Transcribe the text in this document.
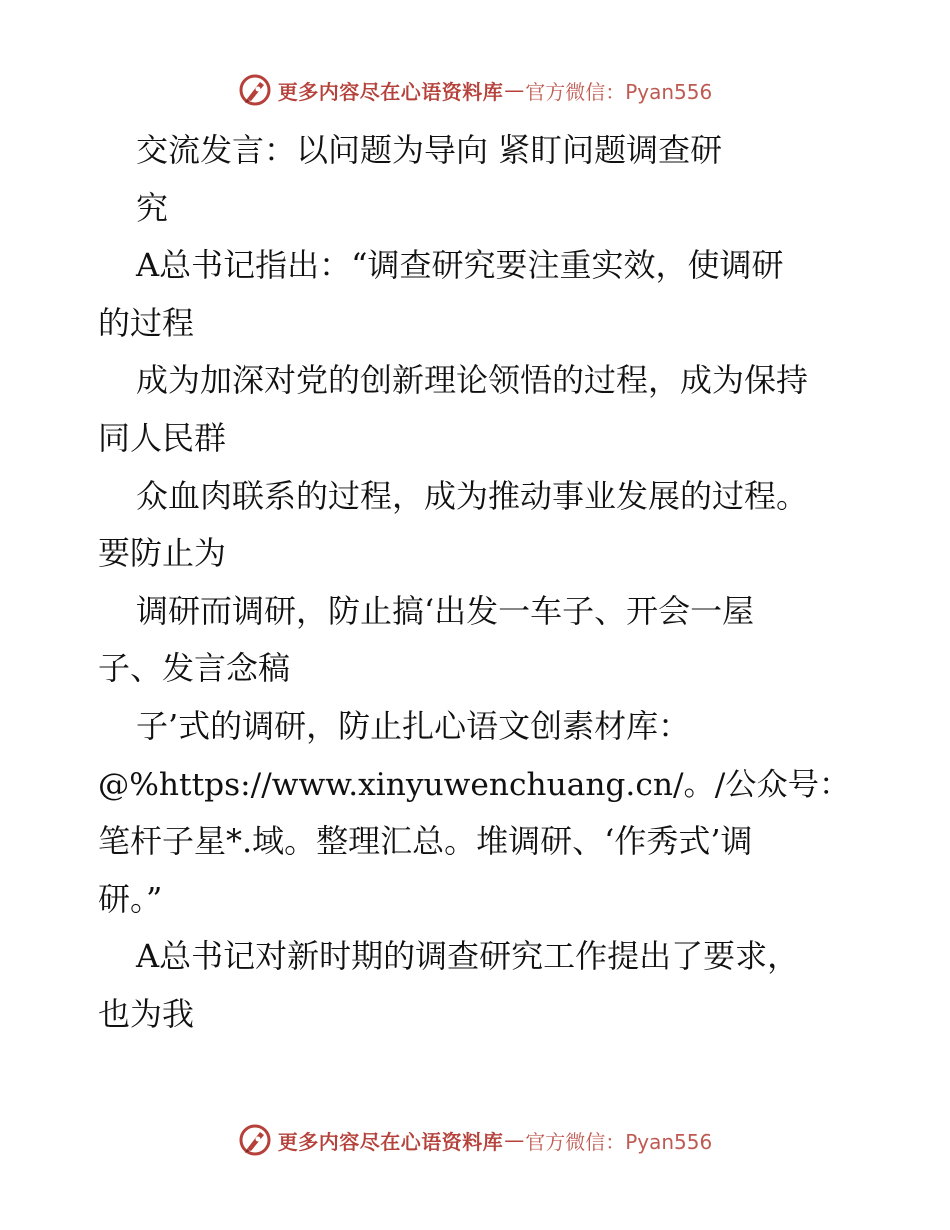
更多内容尽在心语资料库 — 官方微信：Pyan556
交流发言：以问题为导向 紧盯问题调查研
究
A总书记指出：“调查研究要注重实效，使调研
的过程
成为加深对党的创新理论领悟的过程，成为保持
同人民群
众血肉联系的过程，成为推动事业发展的过程。
要防止为
调研而调研，防止搞‘出发一车子、开会一屋
子、发言念稿
子’式的调研，防止扎心语文创素材库：
@%https://www.xinyuwenchuang.cn/。/公众号：
笔杆子星*.域。整理汇总。堆调研、‘作秀式’调
研。”
A总书记对新时期的调查研究工作提出了要求，
也为我
更多内容尽在心语资料库 — 官方微信：Pyan556
